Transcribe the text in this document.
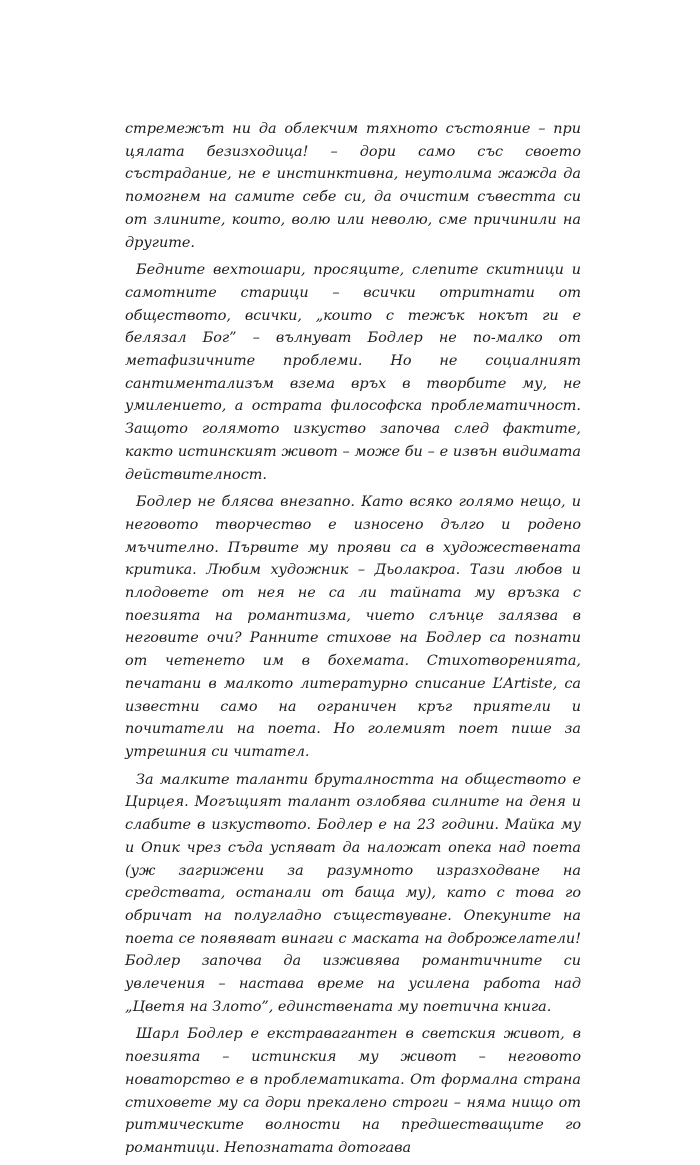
стремежът ни да облекчим тяхното състояние – при цялата безизходица! – дори само със своето състрадание, не е инстинктивна, неутолима жажда да помогнем на самите себе си, да очистим съвестта си от злините, които, волю или неволю, сме причинили на другите.

Бедните вехтошари, просяците, слепите скитници и самотните старици – всички отритнати от обществото, всички, „които с тежък нокът ги е белязал Бог” – вълнуват Бодлер не по-малко от метафизичните проблеми. Но не социалният сантиментализъм взема връх в творбите му, не умилението, а острата философска проблематичност. Защото голямото изкуство започва след фактите, както истинският живот – може би – е извън видимата действителност.

Бодлер не блясва внезапно. Като всяко голямо нещо, и неговото творчество е износено дълго и родено мъчително. Първите му прояви са в художествената критика. Любим художник – Дьолакроа. Тази любов и плодовете от нея не са ли тайната му връзка с поезията на романтизма, чието слънце залязва в неговите очи? Ранните стихове на Бодлер са познати от четенето им в бохемата. Стихотворенията, печатани в малкото литературно списание L’Artiste, са известни само на ограничен кръг приятели и почитатели на поета. Но големият поет пише за утрешния си читател.

За малките таланти бруталността на обществото е Цирцея. Могъщият талант озлобява силните на деня и слабите в изкуството. Бодлер е на 23 години. Майка му и Опик чрез съда успяват да наложат опека над поета (уж загрижени за разумното изразходване на средствата, останали от баща му), като с това го обричат на полугладно съществуване. Опекуните на поета се появяват винаги с маската на доброжелатели! Бодлер започва да изживява романтичните си увлечения – настава време на усилена работа над „Цветя на Злото”, единствената му поетична книга.

Шарл Бодлер е екстравагантен в светския живот, в поезията – истинския му живот – неговото новаторство е в проблематиката. От формална страна стиховете му са дори прекалено строги – няма нищо от ритмическите волности на предшестващите го романтици. Непознатата дотогава
